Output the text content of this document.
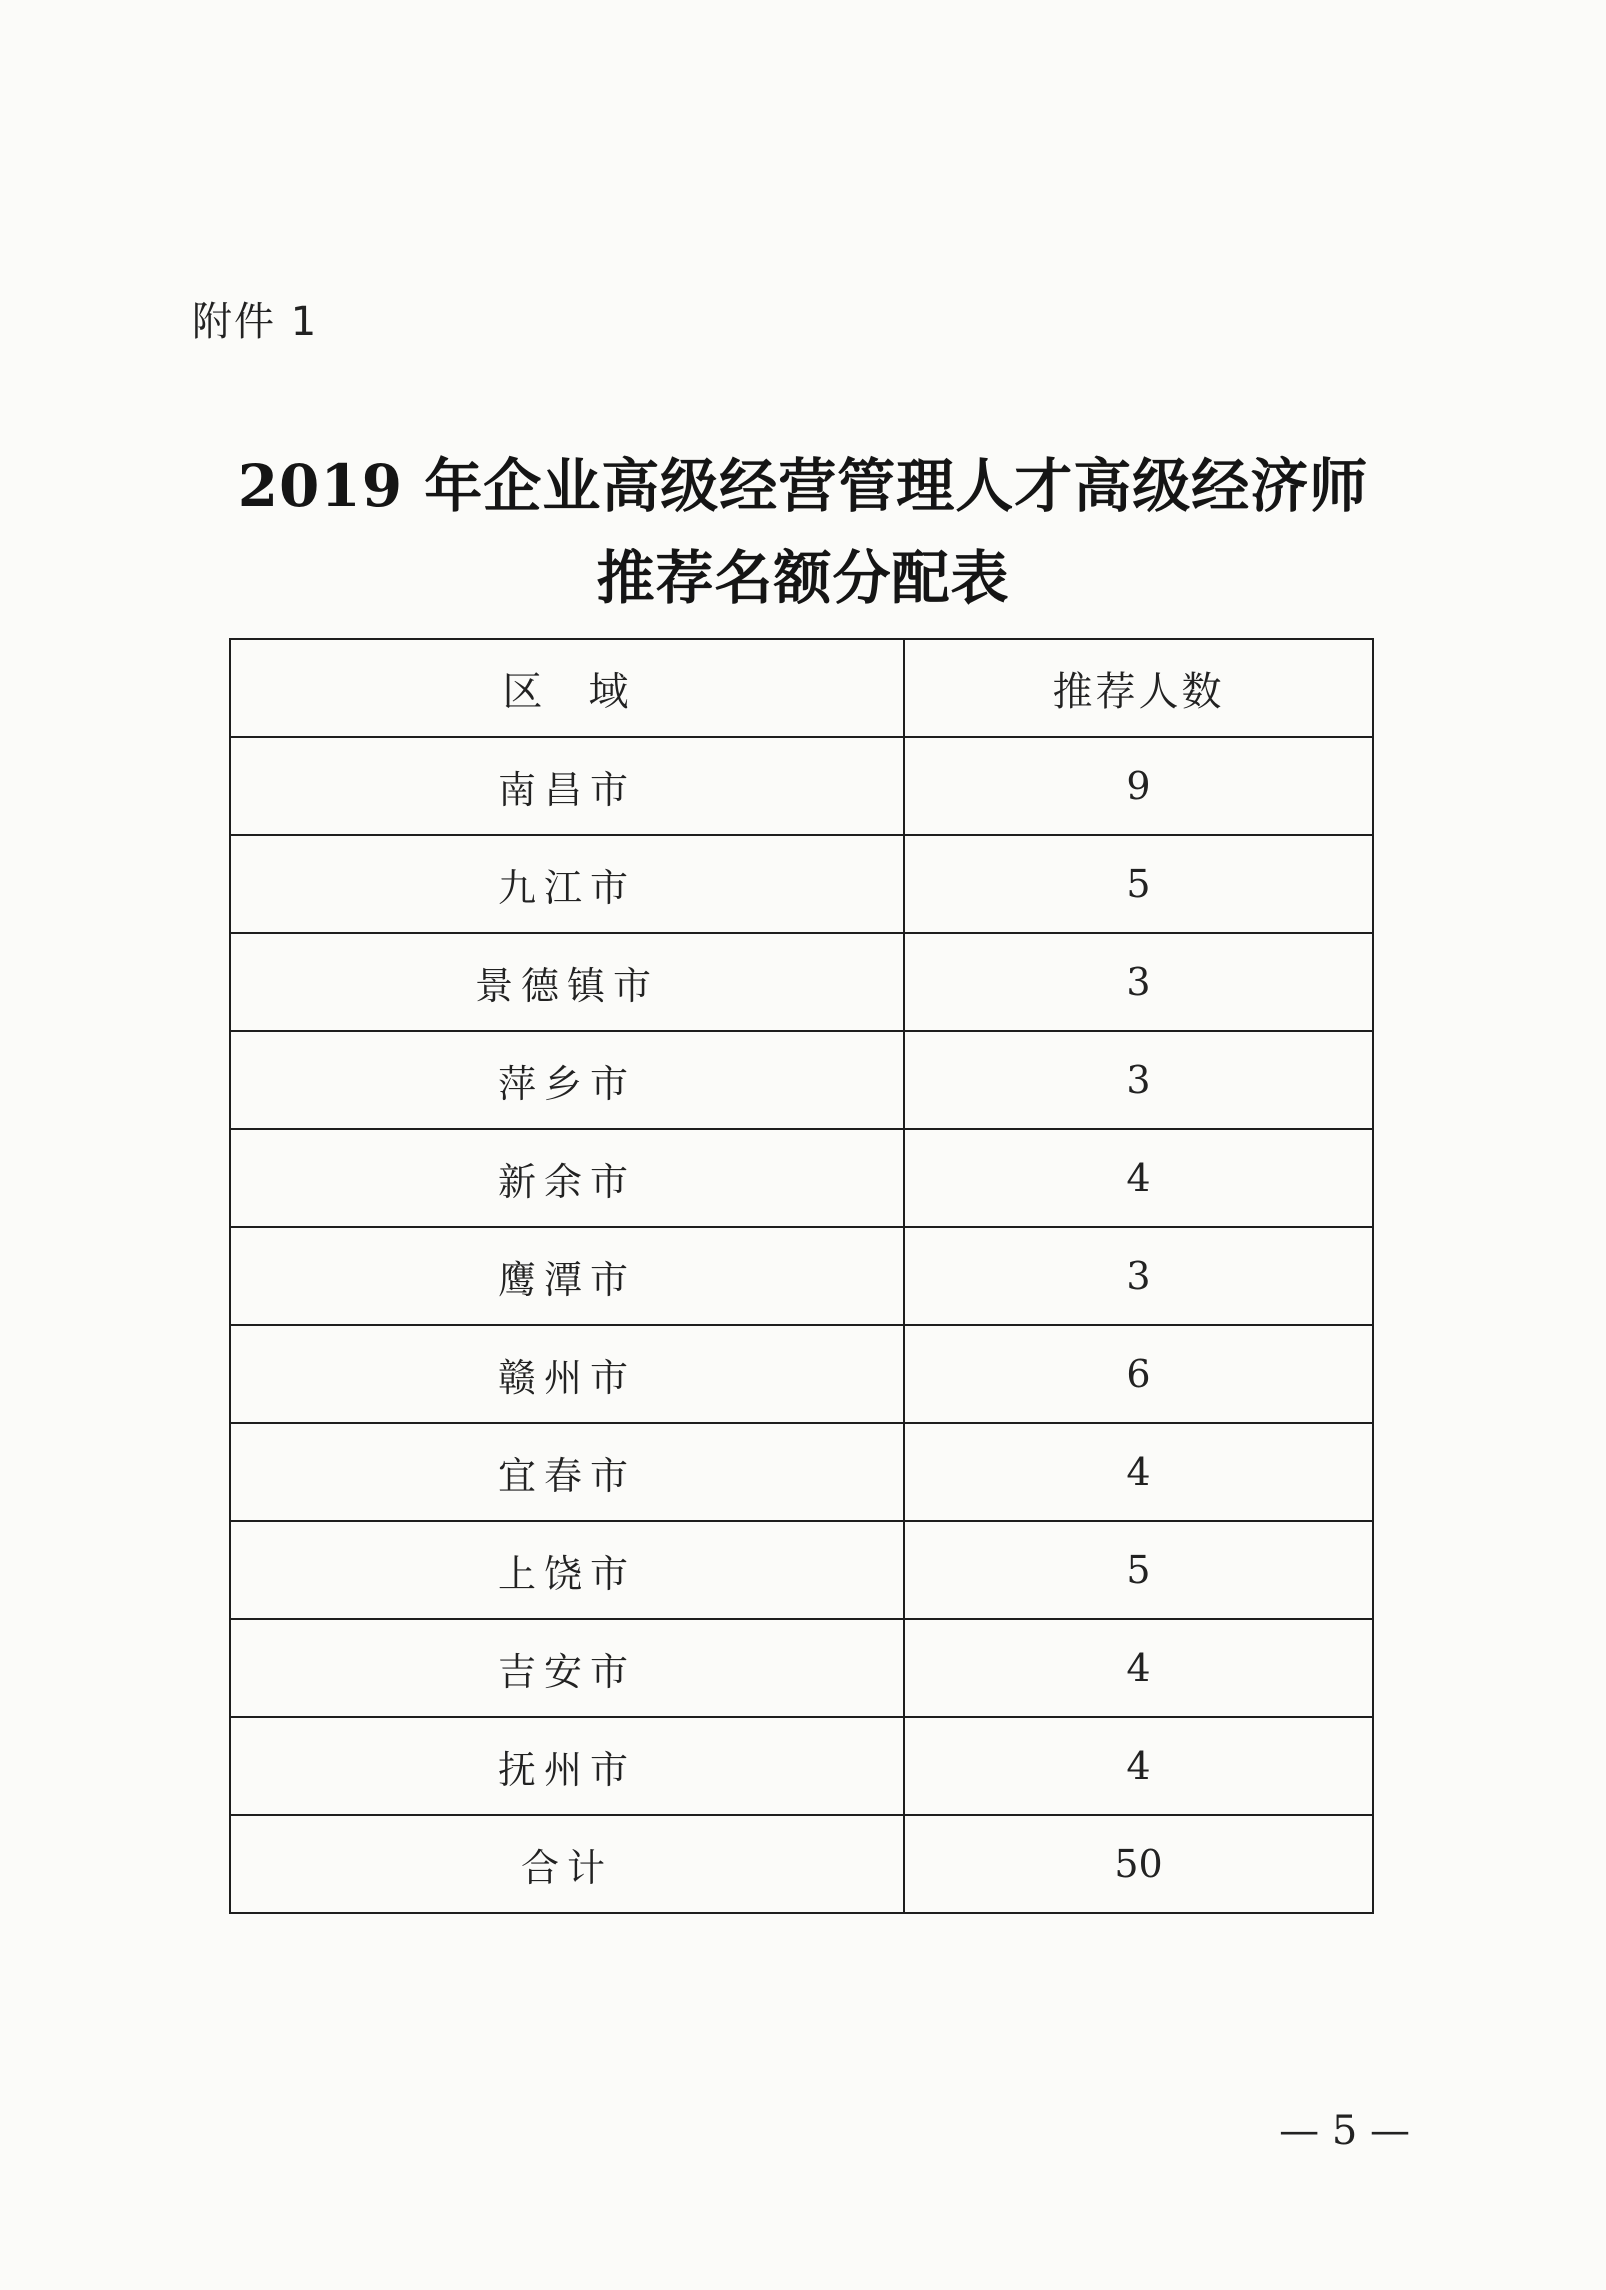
附件 1
2019 年企业高级经营管理人才高级经济师
推荐名额分配表
区　域	推荐人数
南昌市	9
九江市	5
景德镇市	3
萍乡市	3
新余市	4
鹰潭市	3
赣州市	6
宜春市	4
上饶市	5
吉安市	4
抚州市	4
合计	50
— 5 —
